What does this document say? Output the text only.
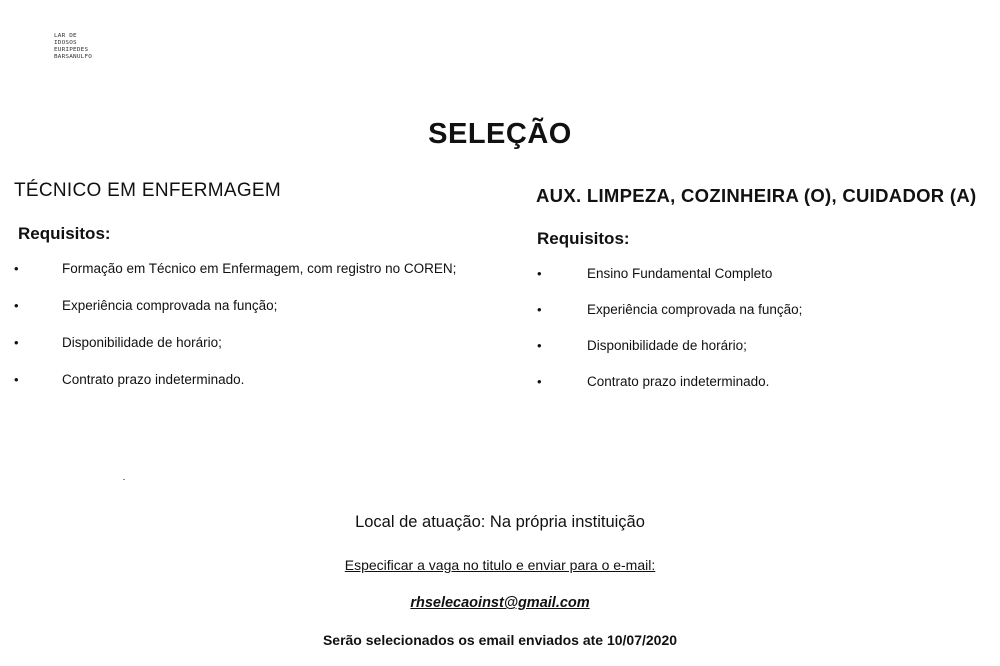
LAR DE
IDOSOS
EURIPEDES
BARSANULFO
SELEÇÃO
TÉCNICO EM ENFERMAGEM
Requisitos:
•	Formação em Técnico em Enfermagem, com registro no COREN;
•	Experiência comprovada na função;
•	Disponibilidade de horário;
•	Contrato prazo indeterminado.
AUX. LIMPEZA, COZINHEIRA (O), CUIDADOR (A)
Requisitos:
•	Ensino Fundamental Completo
•	Experiência comprovada na função;
•	Disponibilidade de horário;
•	Contrato prazo indeterminado.
Local de atuação: Na própria instituição
Especificar a vaga no titulo e enviar para o e-mail:
rhselecaoinst@gmail.com
Serão selecionados os email enviados ate 10/07/2020
